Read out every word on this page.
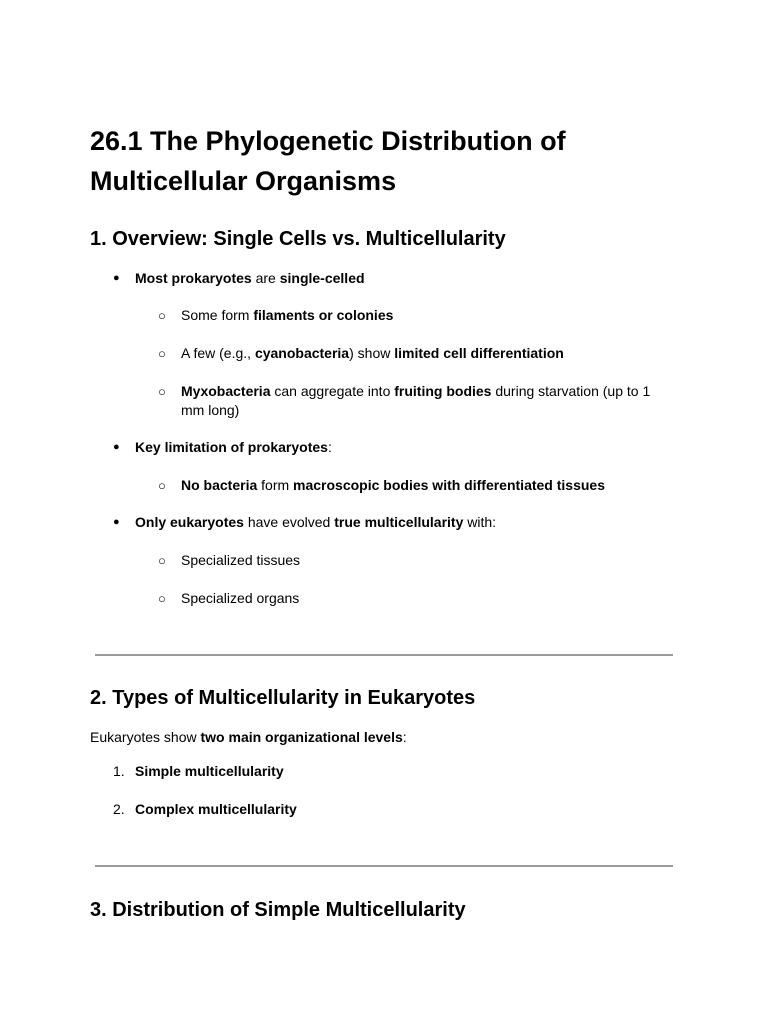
26.1 The Phylogenetic Distribution of Multicellular Organisms
1. Overview: Single Cells vs. Multicellularity
● Most prokaryotes are single-celled
○ Some form filaments or colonies
○ A few (e.g., cyanobacteria) show limited cell differentiation
○ Myxobacteria can aggregate into fruiting bodies during starvation (up to 1 mm long)
● Key limitation of prokaryotes:
○ No bacteria form macroscopic bodies with differentiated tissues
● Only eukaryotes have evolved true multicellularity with:
○ Specialized tissues
○ Specialized organs
2. Types of Multicellularity in Eukaryotes
Eukaryotes show two main organizational levels:
1. Simple multicellularity
2. Complex multicellularity
3. Distribution of Simple Multicellularity
